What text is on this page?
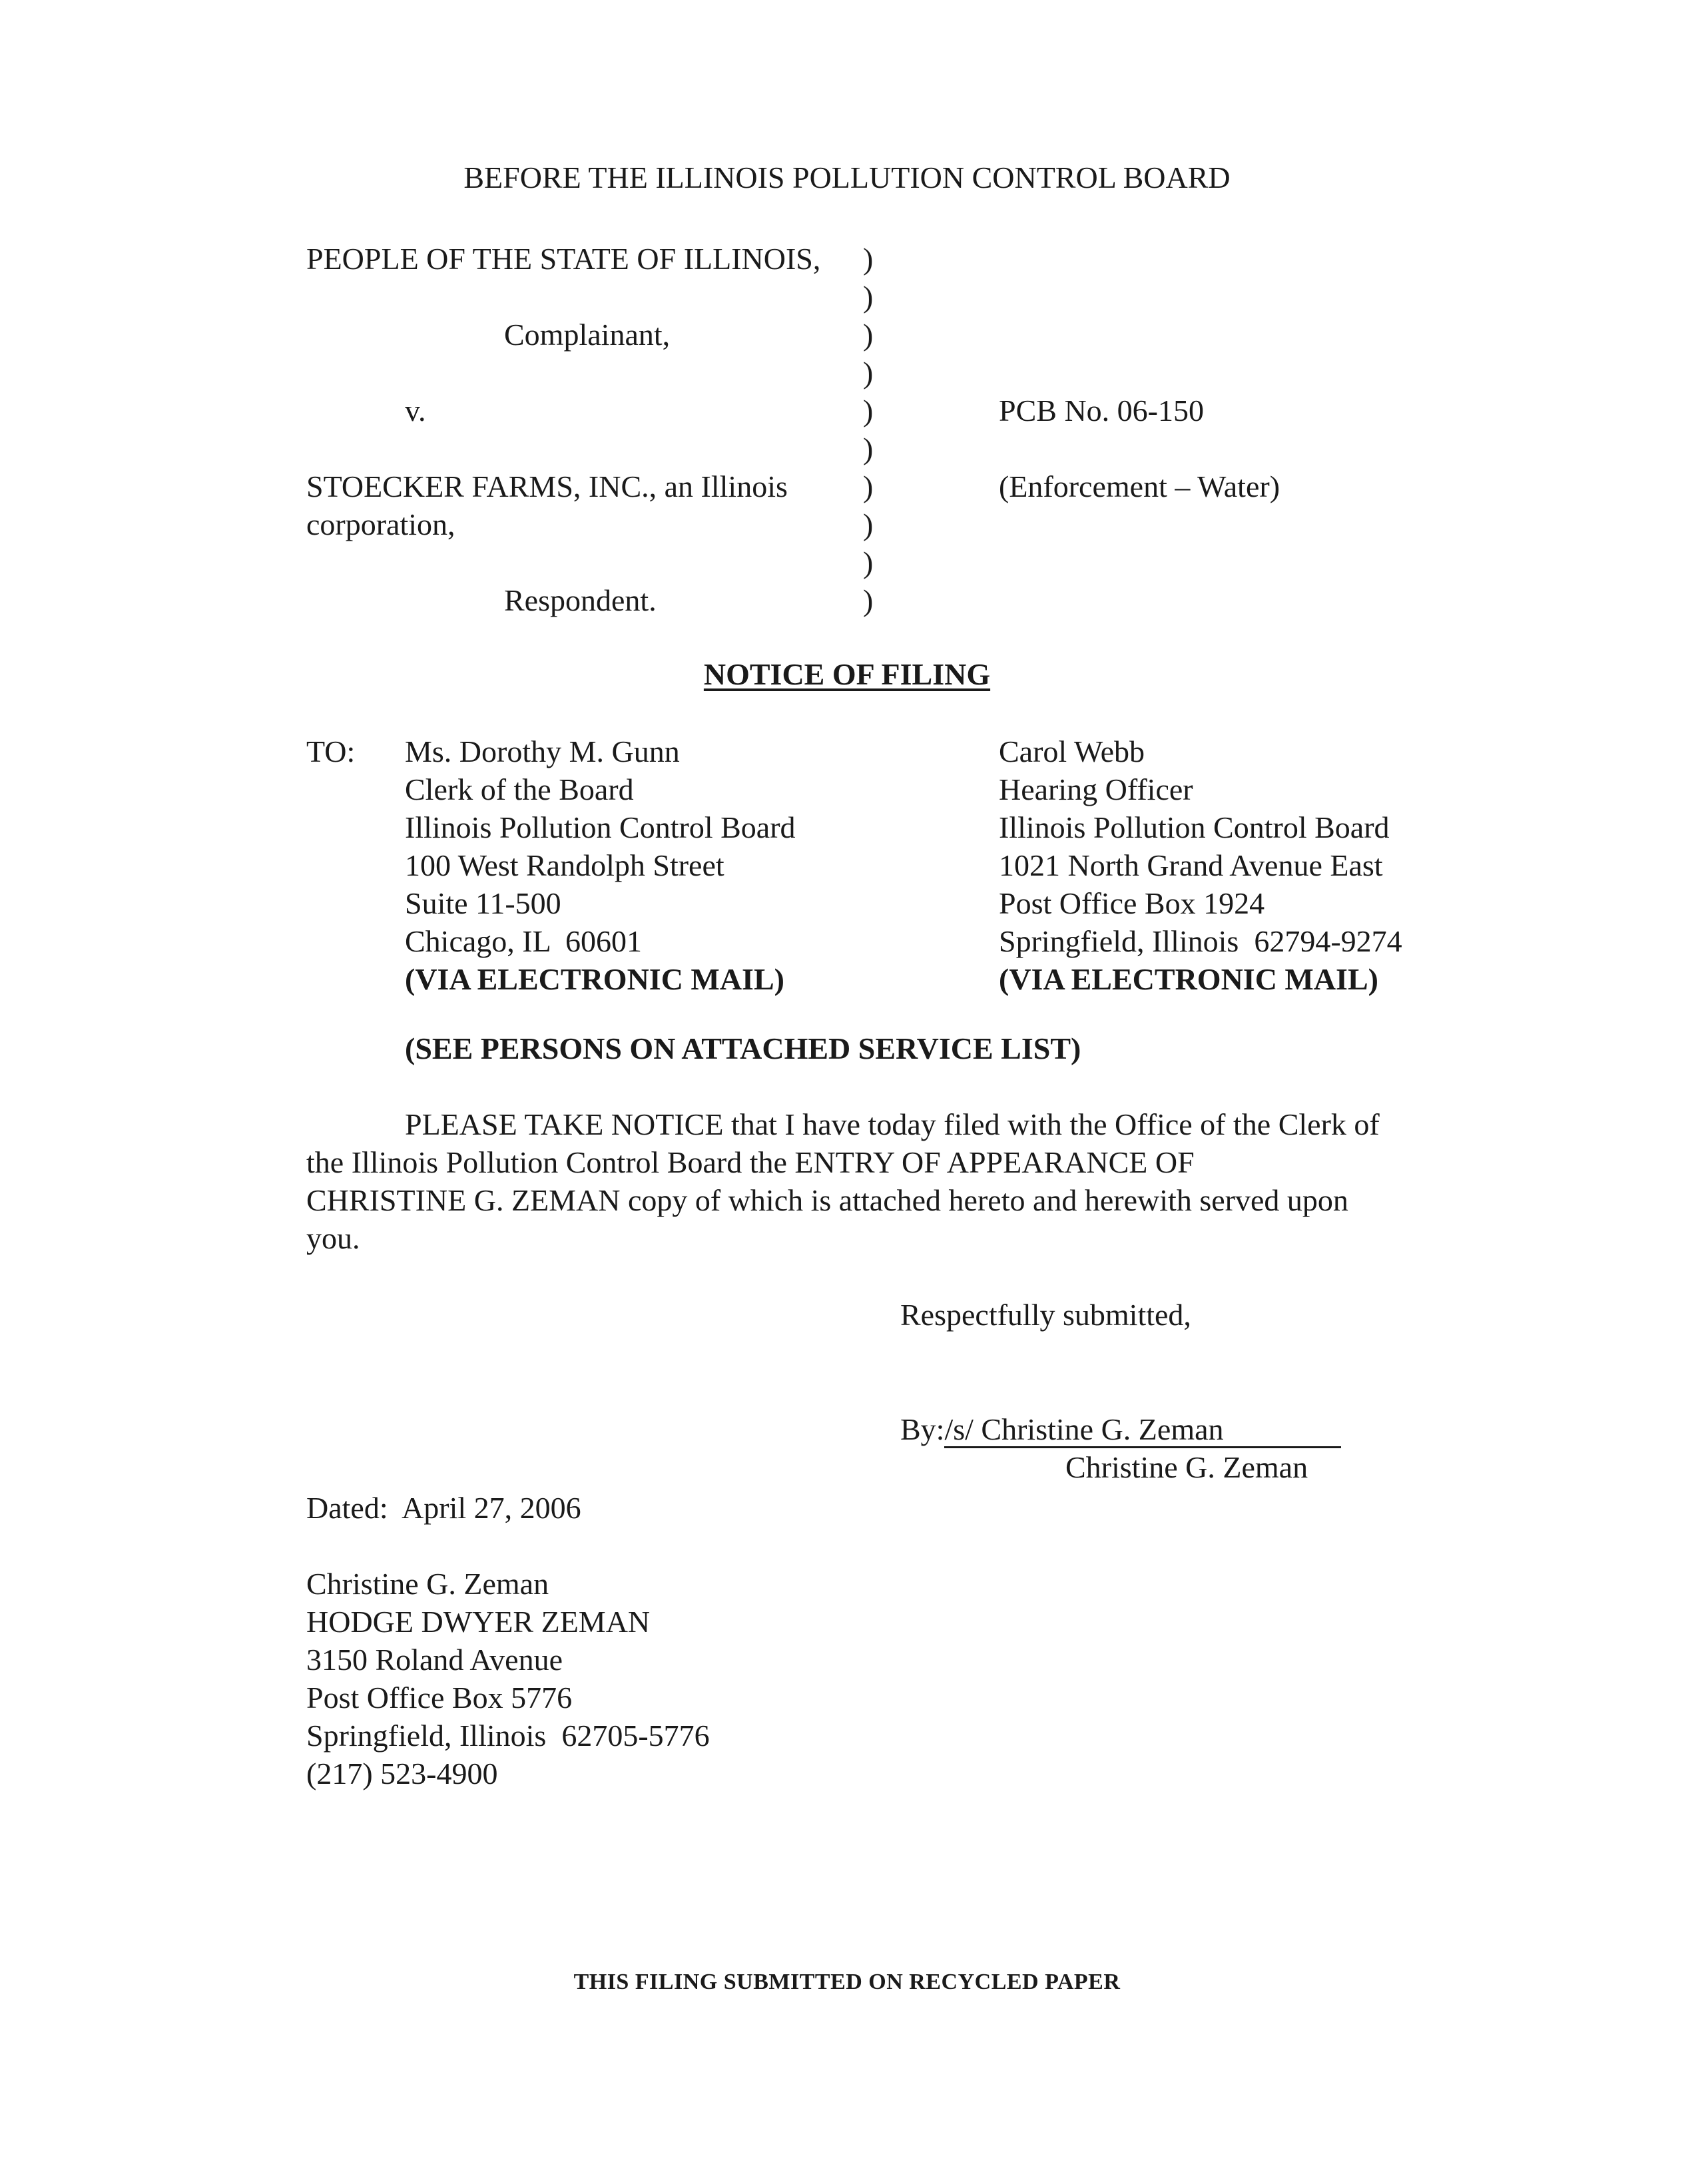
BEFORE THE ILLINOIS POLLUTION CONTROL BOARD
PEOPLE OF THE STATE OF ILLINOIS,
Complainant,
v.
STOECKER FARMS, INC., an Illinois
corporation,
Respondent.
)
)
)
)
)
)
)
)
)
)
PCB No. 06-150
(Enforcement – Water)
NOTICE OF FILING
TO: Ms. Dorothy M. Gunn
Clerk of the Board
Illinois Pollution Control Board
100 West Randolph Street
Suite 11-500
Chicago, IL  60601
(VIA ELECTRONIC MAIL)
Carol Webb
Hearing Officer
Illinois Pollution Control Board
1021 North Grand Avenue East
Post Office Box 1924
Springfield, Illinois  62794-9274
(VIA ELECTRONIC MAIL)
(SEE PERSONS ON ATTACHED SERVICE LIST)
PLEASE TAKE NOTICE that I have today filed with the Office of the Clerk of
the Illinois Pollution Control Board the ENTRY OF APPEARANCE OF
CHRISTINE G. ZEMAN copy of which is attached hereto and herewith served upon
you.
Respectfully submitted,
By:/s/ Christine G. Zeman
Christine G. Zeman
Dated:  April 27, 2006
Christine G. Zeman
HODGE DWYER ZEMAN
3150 Roland Avenue
Post Office Box 5776
Springfield, Illinois  62705-5776
(217) 523-4900
THIS FILING SUBMITTED ON RECYCLED PAPER
